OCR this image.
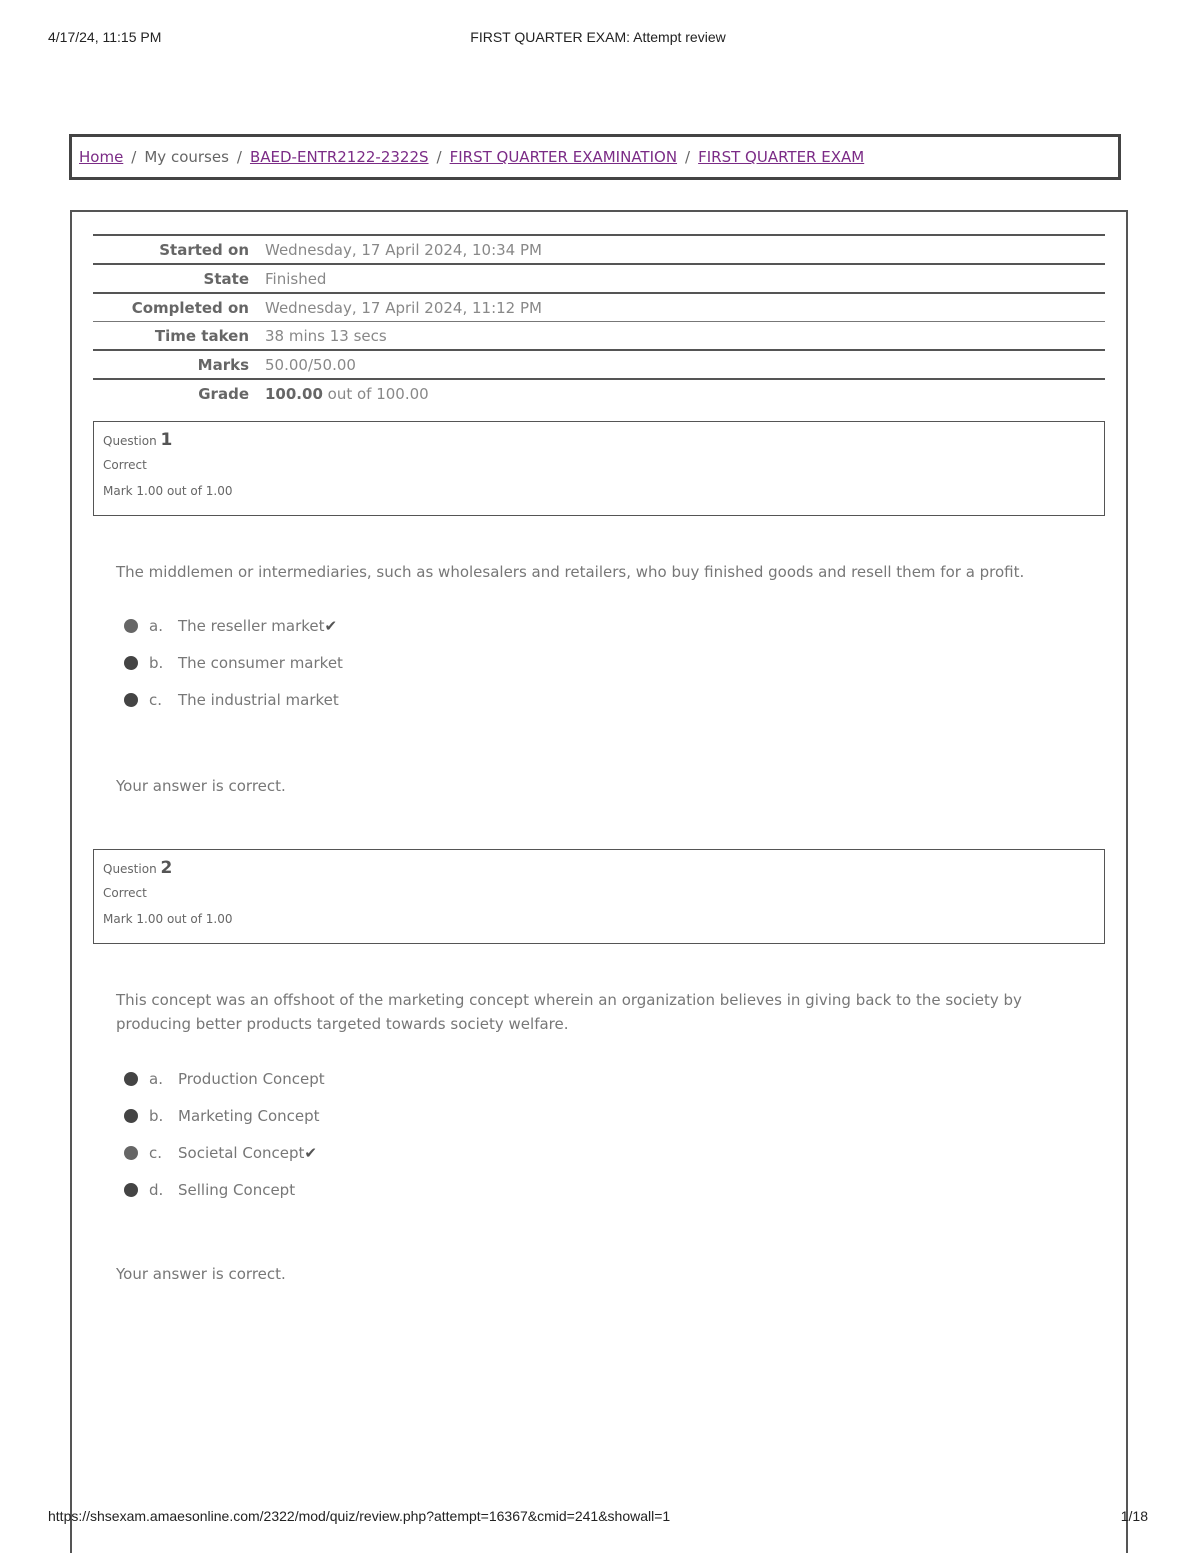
4/17/24, 11:15 PM	FIRST QUARTER EXAM: Attempt review
Home / My courses / BAED-ENTR2122-2322S / FIRST QUARTER EXAMINATION / FIRST QUARTER EXAM
Started on	Wednesday, 17 April 2024, 10:34 PM
State	Finished
Completed on	Wednesday, 17 April 2024, 11:12 PM
Time taken	38 mins 13 secs
Marks	50.00/50.00
Grade	100.00 out of 100.00
Question 1
Correct
Mark 1.00 out of 1.00
The middlemen or intermediaries, such as wholesalers and retailers, who buy finished goods and resell them for a profit.
a.	The reseller market ✔
b. The consumer market
c.	The industrial market
Your answer is correct.
Question 2
Correct
Mark 1.00 out of 1.00
This concept was an offshoot of the marketing concept wherein an organization believes in giving back to the society by producing better products targeted towards society welfare.
a.	Production Concept
b. Marketing Concept
c.	Societal Concept ✔
d. Selling Concept
Your answer is correct.
https://shsexam.amaesonline.com/2322/mod/quiz/review.php?attempt=16367&cmid=241&showall=1	1/18
